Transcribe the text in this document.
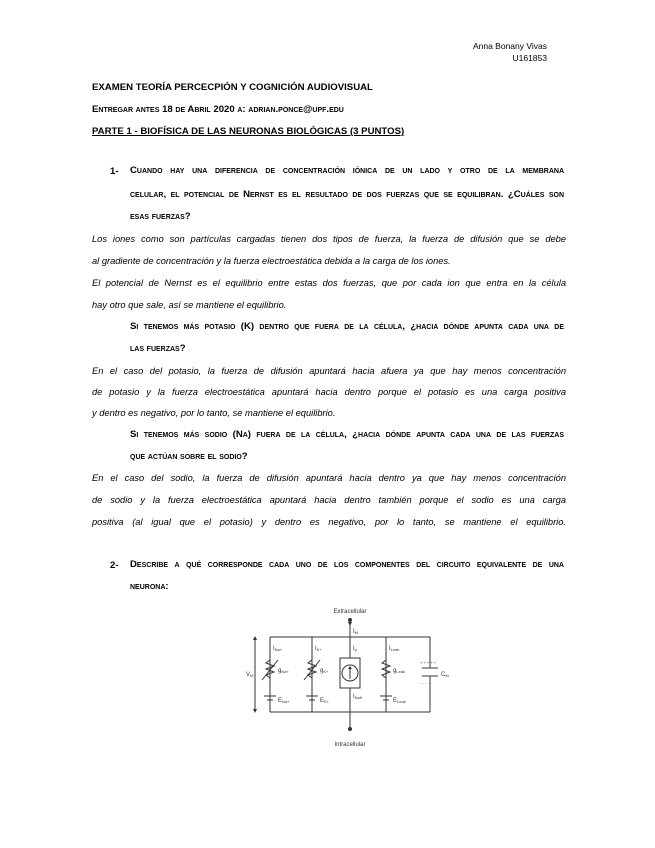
Anna Bonany Vivas
U161853
EXAMEN TEORÍA PERCECPIÓN Y COGNICIÓN AUDIOVISUAL
Entregar antes 18 de Abril 2020 a: adrian.ponce@upf.edu
PARTE 1 - BIOFÍSICA DE LAS NEURONAS BIOLÓGICAS (3 PUNTOS)
1- Cuando hay una diferencia de concentración iónica de un lado y otro de la membrana
celular, el potencial de Nernst es el resultado de dos fuerzas que se equilibran. ¿Cuáles son
esas fuerzas?
Los iones como son partículas cargadas tienen dos tipos de fuerza, la fuerza de difusión que se debe
al gradiente de concentración y la fuerza electroestática debida a la carga de los iones.
El potencial de Nernst es el equilibrio entre estas dos fuerzas, que por cada ion que entra en la célula
hay otro que sale, así se mantiene el equilibrio.
Si tenemos más potasio (K) dentro que fuera de la célula, ¿hacia dónde apunta cada una de
las fuerzas?
En el caso del potasio, la fuerza de difusión apuntará hacia afuera ya que hay menos concentración
de potasio y la fuerza electroestática apuntará hacia dentro porque el potasio es una carga positiva
y dentro es negativo, por lo tanto, se mantiene el equilibrio.
Si tenemos más sodio (Na) fuera de la célula, ¿hacia dónde apunta cada una de las fuerzas
que actúan sobre el sodio?
En el caso del sodio, la fuerza de difusión apuntará hacia dentro ya que hay menos concentración
de sodio y la fuerza electroestática apuntará hacia dentro también porque el sodio es una carga
positiva (al igual que el potasio) y dentro es negativo, por lo tanto, se mantiene el equilibrio.
2- Describe a qué corresponde cada uno de los componentes del circuito equivalente de una
neurona:
Extracellular
Intracellular
IM
VM
INa+	IK+	Ip	ILeak
gNa+	gK+	gLeak
ENa+	EK+	ELeak
INaK
CM
+ + + + +
- - - - -
